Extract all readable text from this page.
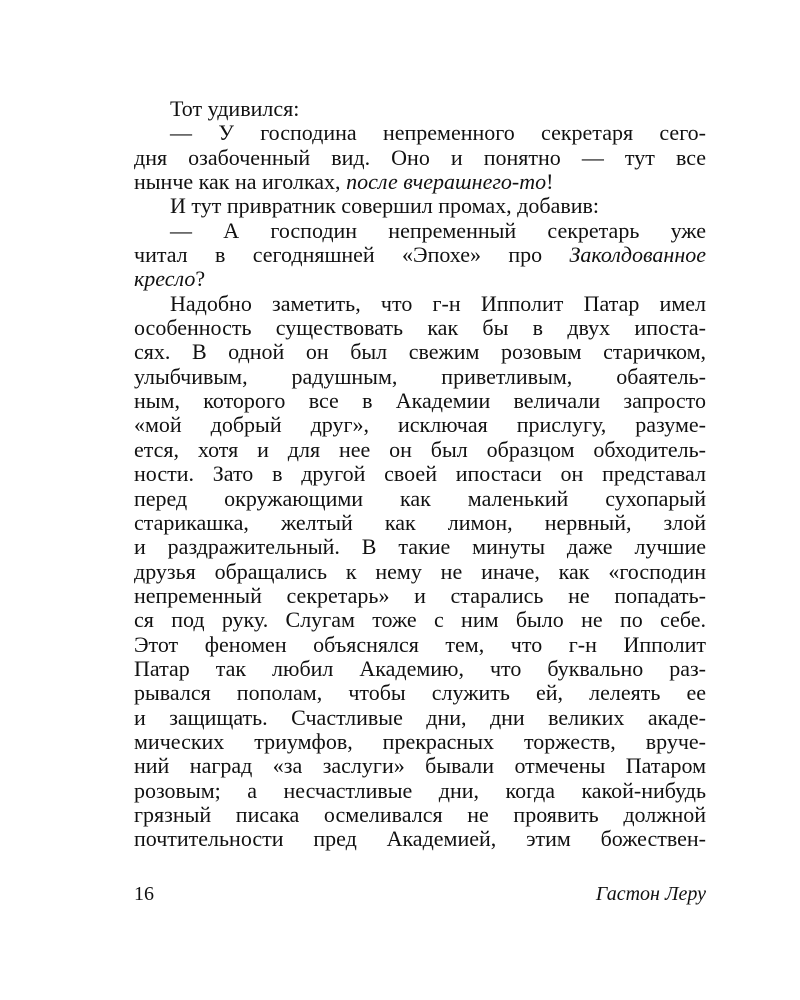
Тот удивился:
— У господина непременного секретаря сего-
дня озабоченный вид. Оно и понятно — тут все
нынче как на иголках, после вчерашнего-то!
И тут привратник совершил промах, добавив:
— А господин непременный секретарь уже
читал в сегодняшней «Эпохе» про Заколдованное
кресло?
Надобно заметить, что г-н Ипполит Патар имел
особенность существовать как бы в двух ипостa-
сях. В одной он был свежим розовым старичком,
улыбчивым, радушным, приветливым, обаятель-
ным, которого все в Академии величали запросто
«мой добрый друг», исключая прислугу, разуме-
ется, хотя и для нее он был образцом обходитель-
ности. Зато в другой своей ипостаси он представал
перед окружающими как маленький сухопарый
старикашка, желтый как лимон, нервный, злой
и раздражительный. В такие минуты даже лучшие
друзья обращались к нему не иначе, как «господин
непременный секретарь» и старались не попадать-
ся под руку. Слугам тоже с ним было не по себе.
Этот феномен объяснялся тем, что г-н Ипполит
Патар так любил Академию, что буквально раз-
рывался пополам, чтобы служить ей, лелеять ее
и защищать. Счастливые дни, дни великих акаде-
мических триумфов, прекрасных торжеств, вруче-
ний наград «за заслуги» бывали отмечены Патаром
розовым; а несчастливые дни, когда какой-нибудь
грязный писака осмеливался не проявить должной
почтительности пред Академией, этим божествен-
16	Гастон Леру
